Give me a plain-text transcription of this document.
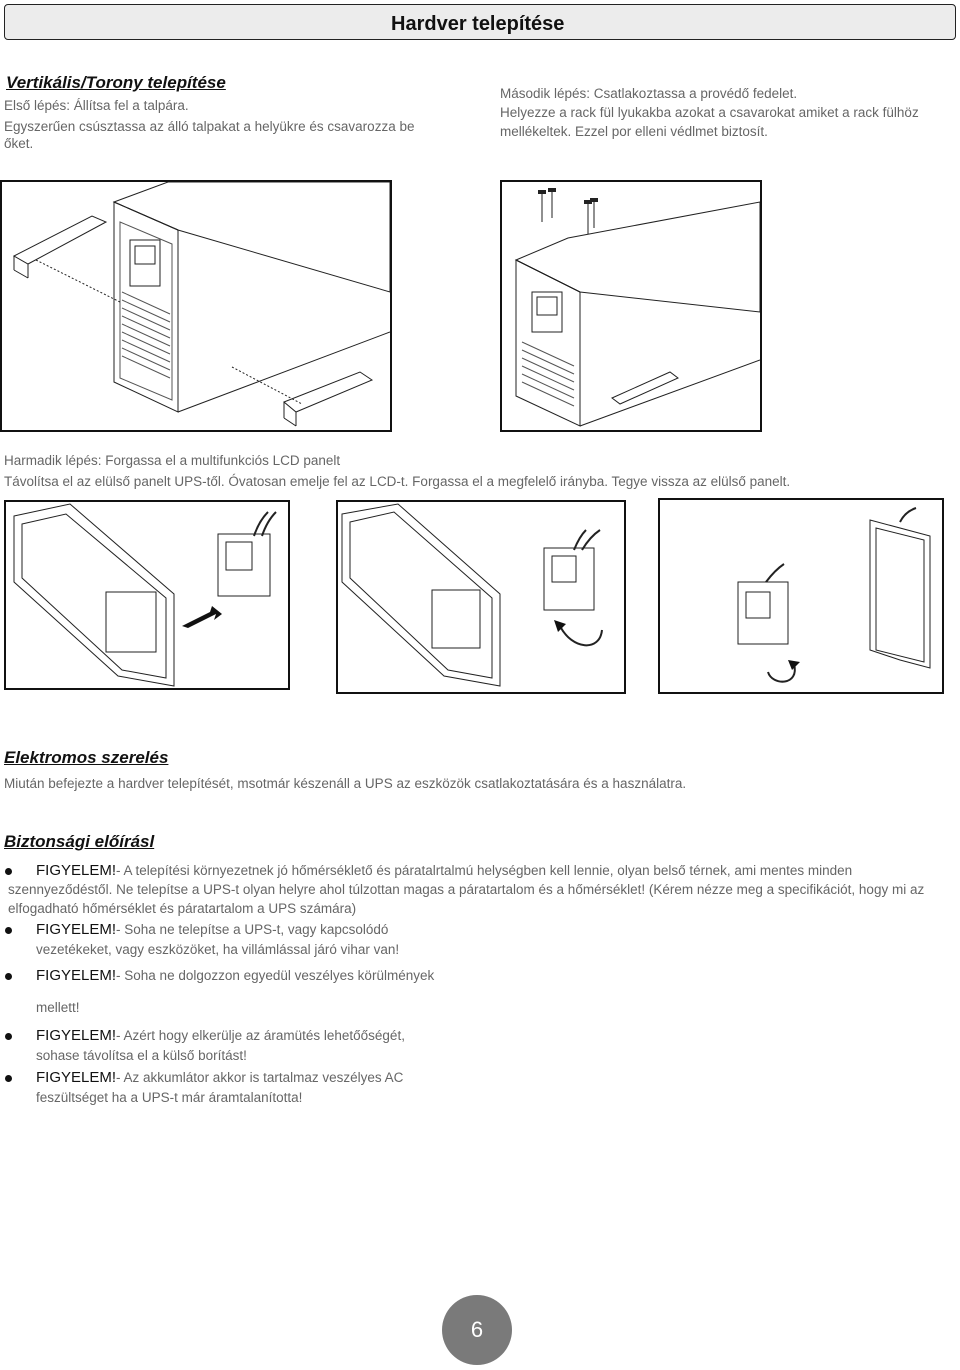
Hardver telepítése
Vertikális/Torony telepítése
Első lépés: Állítsa fel a talpára.
Egyszerűen csúsztassa az álló talpakat a helyükre és csavarozza be
őket.
Második lépés: Csatlakoztassa a provédő fedelet.
Helyezze a rack fül lyukakba azokat a csavarokat amiket a rack fülhöz
mellékeltek. Ezzel por elleni védlmet biztosít.
Harmadik lépés: Forgassa el a multifunkciós LCD panelt
Távolítsa el az elülső panelt UPS-től. Óvatosan emelje fel az LCD-t. Forgassa el a megfelelő irányba. Tegye vissza az elülső panelt.
Elektromos szerelés
Miután befejezte a hardver telepítését, msotmár készenáll a UPS az eszközök csatlakoztatására és a használatra.
Biztonsági előírásl
FIGYELEM!- A telepítési környezetnek jó hőmérséklető és páratalrtalmú helységben kell lennie, olyan belső térnek, ami mentes minden
szennyeződéstől. Ne telepítse a UPS-t olyan helyre ahol túlzottan magas a páratartalom és a hőmérséklet! (Kérem nézze meg a specifikációt, hogy mi az
elfogadható hőmérséklet és páratartalom a UPS számára)
FIGYELEM!- Soha ne telepítse a UPS-t, vagy kapcsolódó
vezetékeket, vagy eszközöket, ha villámlással járó vihar van!
FIGYELEM!- Soha ne dolgozzon egyedül veszélyes körülmények
mellett!
FIGYELEM!- Azért hogy elkerülje az áramütés lehetőőségét,
sohase távolítsa el a külső borítást!
FIGYELEM!- Az akkumlátor akkor is tartalmaz veszélyes AC
feszültséget ha a UPS-t már áramtalanította!
6
